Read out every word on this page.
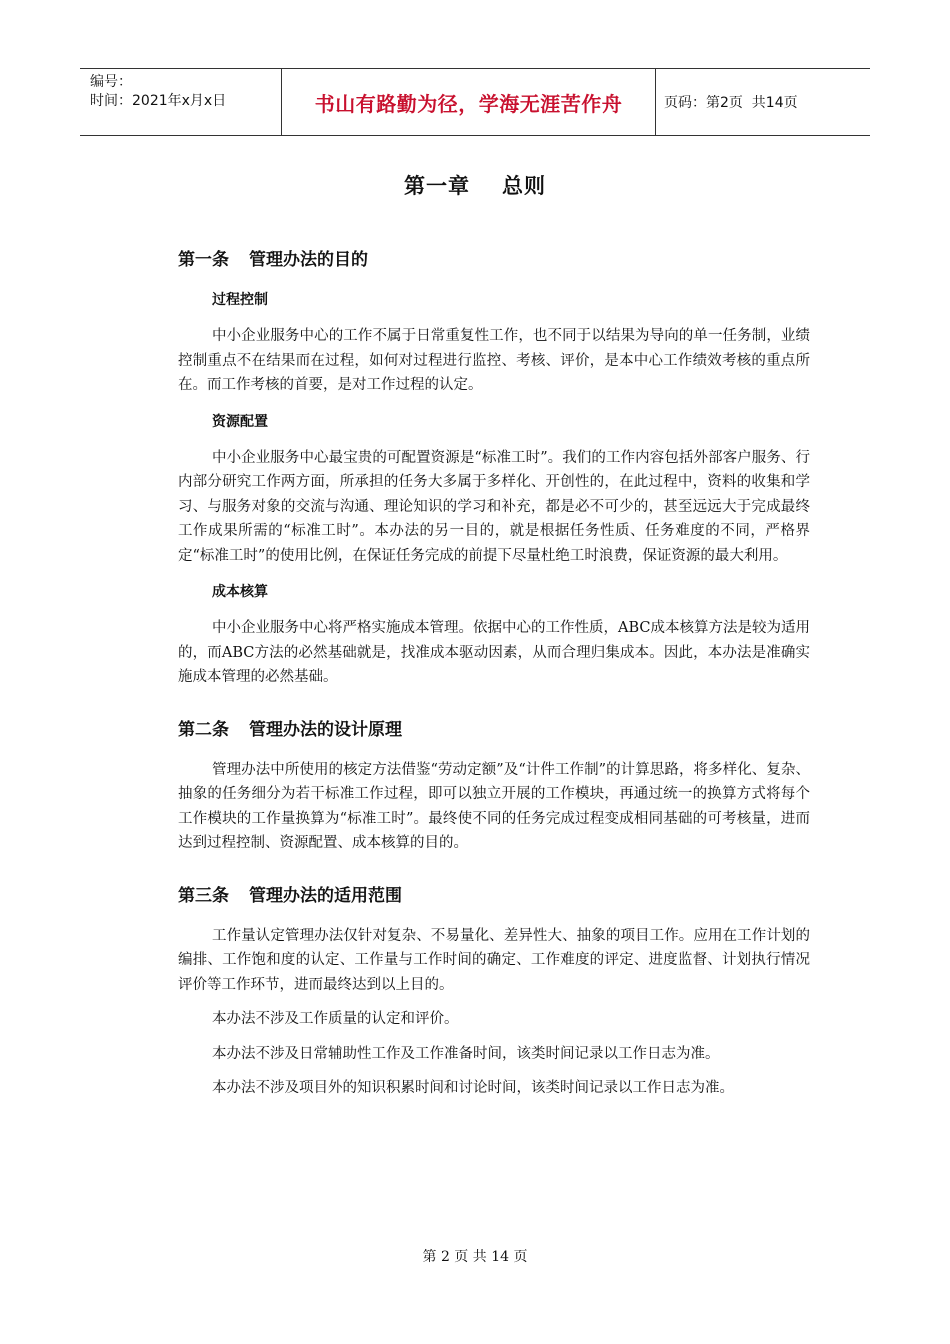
编号：
时间：2021年x月x日	书山有路勤为径，学海无涯苦作舟	页码：第2页  共14页
第一章 总则

第一条 管理办法的目的

过程控制

中小企业服务中心的工作不属于日常重复性工作，也不同于以结果为导向的单一任务制，业绩控制重点不在结果而在过程，如何对过程进行监控、考核、评价，是本中心工作绩效考核的重点所在。而工作考核的首要，是对工作过程的认定。

资源配置

中小企业服务中心最宝贵的可配置资源是“标准工时”。我们的工作内容包括外部客户服务、行内部分研究工作两方面，所承担的任务大多属于多样化、开创性的，在此过程中，资料的收集和学习、与服务对象的交流与沟通、理论知识的学习和补充，都是必不可少的，甚至远远大于完成最终工作成果所需的“标准工时”。本办法的另一目的，就是根据任务性质、任务难度的不同，严格界定“标准工时”的使用比例，在保证任务完成的前提下尽量杜绝工时浪费，保证资源的最大利用。

成本核算

中小企业服务中心将严格实施成本管理。依据中心的工作性质，ABC成本核算方法是较为适用的，而ABC方法的必然基础就是，找准成本驱动因素，从而合理归集成本。因此，本办法是准确实施成本管理的必然基础。

第二条 管理办法的设计原理

管理办法中所使用的核定方法借鉴“劳动定额”及“计件工作制”的计算思路，将多样化、复杂、抽象的任务细分为若干标准工作过程，即可以独立开展的工作模块，再通过统一的换算方式将每个工作模块的工作量换算为“标准工时”。最终使不同的任务完成过程变成相同基础的可考核量，进而达到过程控制、资源配置、成本核算的目的。

第三条 管理办法的适用范围

工作量认定管理办法仅针对复杂、不易量化、差异性大、抽象的项目工作。应用在工作计划的编排、工作饱和度的认定、工作量与工作时间的确定、工作难度的评定、进度监督、计划执行情况评价等工作环节，进而最终达到以上目的。

本办法不涉及工作质量的认定和评价。

本办法不涉及日常辅助性工作及工作准备时间，该类时间记录以工作日志为准。

本办法不涉及项目外的知识积累时间和讨论时间，该类时间记录以工作日志为准。

第 2 页 共 14 页
